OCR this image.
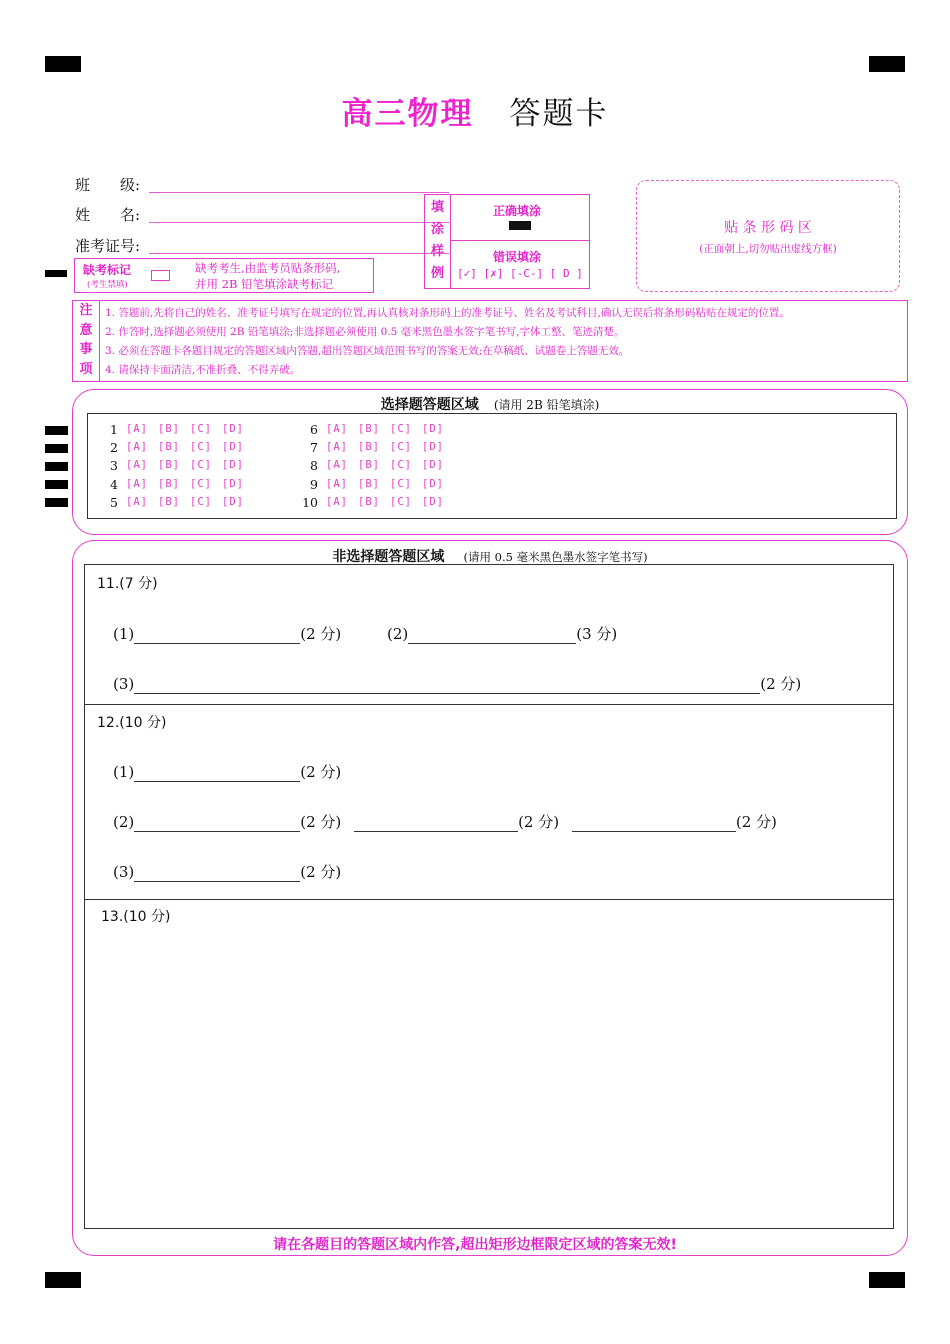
高三物理 答题卡
班　　级:
姓　　名:
准考证号:
缺考标记
(考生禁填)
缺考考生,由监考员贴条形码,
并用 2B 铅笔填涂缺考标记
填
涂
样
例
正确填涂
错误填涂
[✓] [✗] [-C-] [ D ]
贴 条 形 码 区
(正面朝上,切勿贴出虚线方框)
注
意
事
项
1. 答题前,先将自己的姓名、准考证号填写在规定的位置,再认真核对条形码上的准考证号、姓名及考试科目,确认无误后将条形码粘贴在规定的位置。
2. 作答时,选择题必须使用 2B 铅笔填涂;非选择题必须使用 0.5 毫米黑色墨水签字笔书写,字体工整、笔迹清楚。
3. 必须在答题卡各题目规定的答题区域内答题,超出答题区域范围书写的答案无效;在草稿纸、试题卷上答题无效。
4. 请保持卡面清洁,不准折叠、不得弄破。
选择题答题区域 (请用 2B 铅笔填涂)
1 [A] [B] [C] [D]
2 [A] [B] [C] [D]
3 [A] [B] [C] [D]
4 [A] [B] [C] [D]
5 [A] [B] [C] [D]
6 [A] [B] [C] [D]
7 [A] [B] [C] [D]
8 [A] [B] [C] [D]
9 [A] [B] [C] [D]
10 [A] [B] [C] [D]
非选择题答题区域 (请用 0.5 毫米黑色墨水签字笔书写)
11.(7 分)
(1)	(2 分)	(2)	(3 分)
(3)	(2 分)
12.(10 分)
(1)	(2 分)
(2)	(2 分)	(2 分)	(2 分)
(3)	(2 分)
13.(10 分)
请在各题目的答题区域内作答,超出矩形边框限定区域的答案无效!
